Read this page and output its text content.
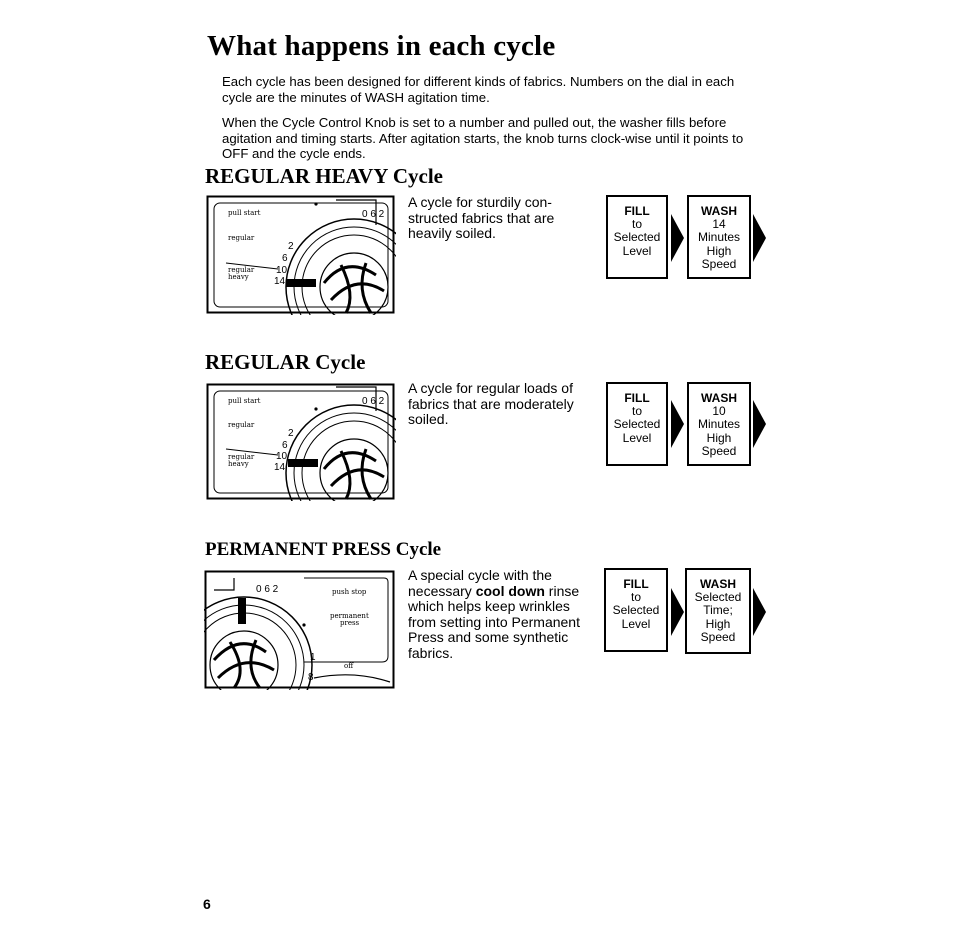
What happens in each cycle
Each cycle has been designed for different kinds of fabrics. Numbers on the dial in each cycle are the minutes of WASH agitation time.
When the Cycle Control Knob is set to a number and pulled out, the washer fills before agitation and timing starts. After agitation starts, the knob turns clock-wise until it points to OFF and the cycle ends.
REGULAR HEAVY Cycle
pull start
regular
regular
heavy
2
6
10
14
0 6 2
A cycle for sturdily con-structed fabrics that are heavily soiled.
FILL
to
Selected
Level
WASH
14
Minutes
High
Speed
REGULAR Cycle
pull start
regular
regular
heavy
2
6
10
14
0 6 2
A cycle for regular loads of fabrics that are moderately soiled.
FILL
to
Selected
Level
WASH
10
Minutes
High
Speed
PERMANENT PRESS Cycle
push stop
permanent
press
off
0 6 2
1
8
A special cycle with the necessary cool down rinse which helps keep wrinkles from setting into Permanent Press and some synthetic fabrics.
FILL
to
Selected
Level
WASH
Selected
Time;
High
Speed
6
